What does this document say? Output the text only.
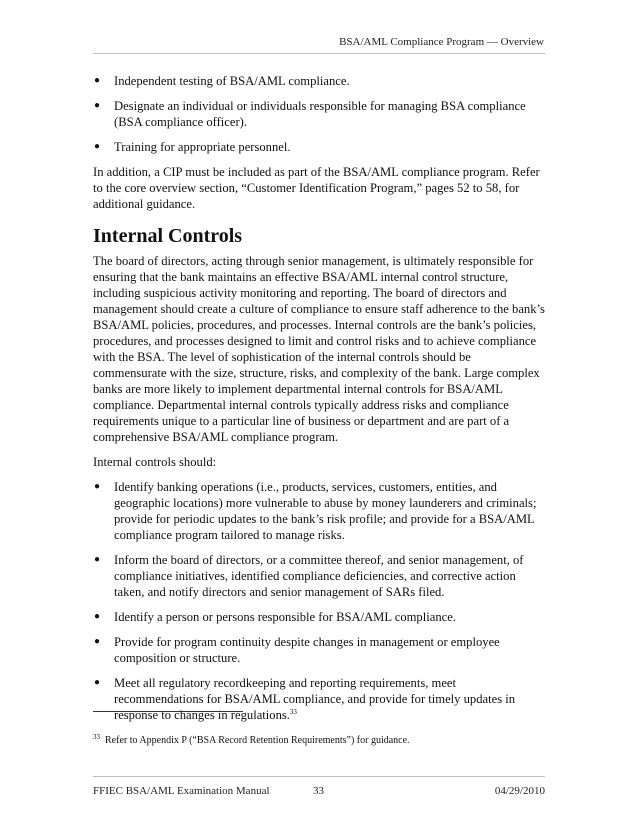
BSA/AML Compliance Program — Overview
● Independent testing of BSA/AML compliance.
● Designate an individual or individuals responsible for managing BSA compliance (BSA compliance officer).
● Training for appropriate personnel.

In addition, a CIP must be included as part of the BSA/AML compliance program. Refer to the core overview section, “Customer Identification Program,” pages 52 to 58, for additional guidance.

Internal Controls

The board of directors, acting through senior management, is ultimately responsible for ensuring that the bank maintains an effective BSA/AML internal control structure, including suspicious activity monitoring and reporting. The board of directors and management should create a culture of compliance to ensure staff adherence to the bank’s BSA/AML policies, procedures, and processes. Internal controls are the bank’s policies, procedures, and processes designed to limit and control risks and to achieve compliance with the BSA. The level of sophistication of the internal controls should be commensurate with the size, structure, risks, and complexity of the bank. Large complex banks are more likely to implement departmental internal controls for BSA/AML compliance. Departmental internal controls typically address risks and compliance requirements unique to a particular line of business or department and are part of a comprehensive BSA/AML compliance program.

Internal controls should:

● Identify banking operations (i.e., products, services, customers, entities, and geographic locations) more vulnerable to abuse by money launderers and criminals; provide for periodic updates to the bank’s risk profile; and provide for a BSA/AML compliance program tailored to manage risks.
● Inform the board of directors, or a committee thereof, and senior management, of compliance initiatives, identified compliance deficiencies, and corrective action taken, and notify directors and senior management of SARs filed.
● Identify a person or persons responsible for BSA/AML compliance.
● Provide for program continuity despite changes in management or employee composition or structure.
● Meet all regulatory recordkeeping and reporting requirements, meet recommendations for BSA/AML compliance, and provide for timely updates in response to changes in regulations.$^{33}$
$^{33}$ Refer to Appendix P (“BSA Record Retention Requirements”) for guidance.
FFIEC BSA/AML Examination Manual	33	04/29/2010
